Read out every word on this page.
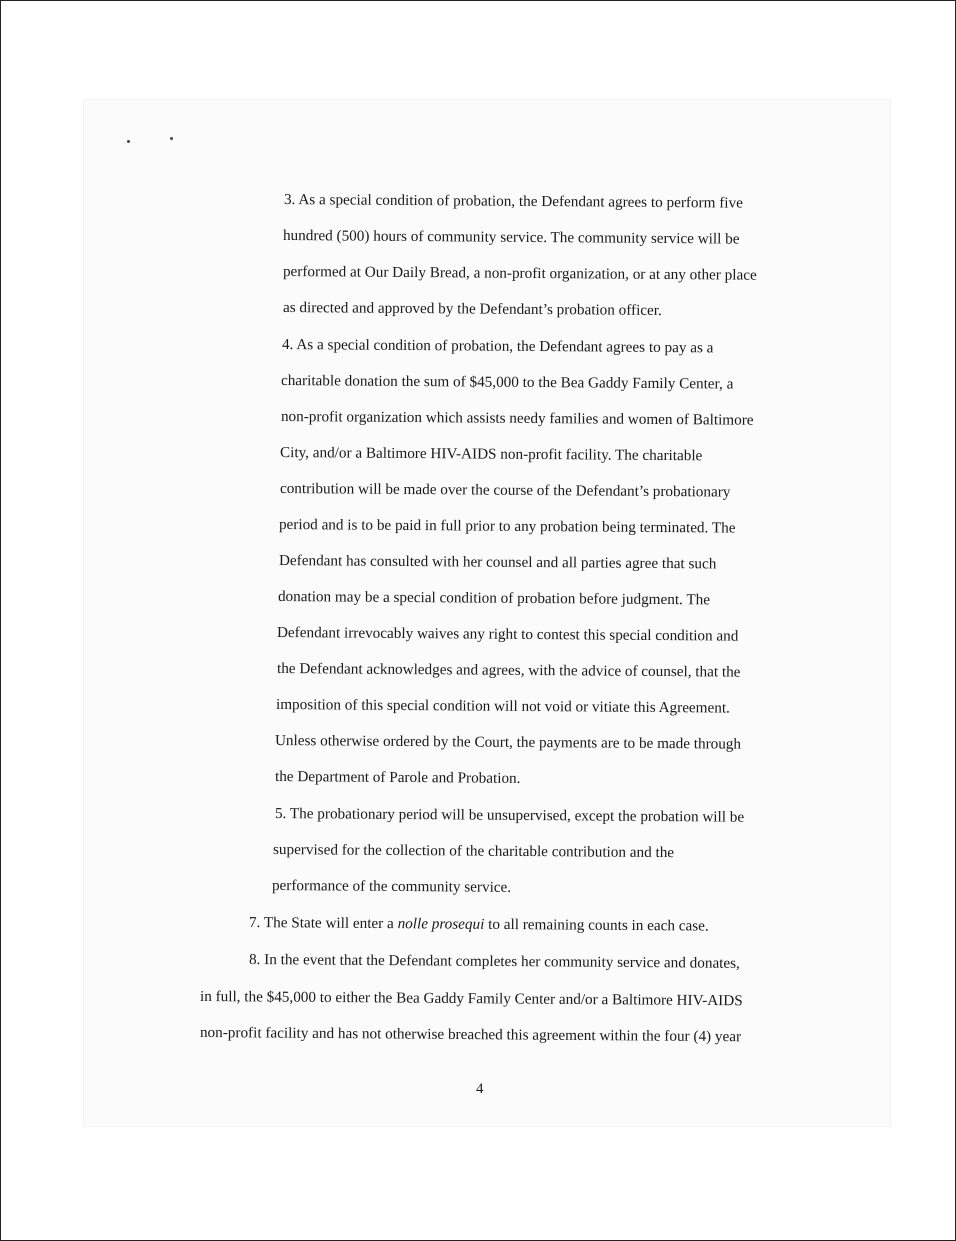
3. As a special condition of probation, the Defendant agrees to perform five
hundred (500) hours of community service. The community service will be
performed at Our Daily Bread, a non-profit organization, or at any other place
as directed and approved by the Defendant’s probation officer.
4. As a special condition of probation, the Defendant agrees to pay as a
charitable donation the sum of $45,000 to the Bea Gaddy Family Center, a
non-profit organization which assists needy families and women of Baltimore
City, and/or a Baltimore HIV-AIDS non-profit facility. The charitable
contribution will be made over the course of the Defendant’s probationary
period and is to be paid in full prior to any probation being terminated. The
Defendant has consulted with her counsel and all parties agree that such
donation may be a special condition of probation before judgment. The
Defendant irrevocably waives any right to contest this special condition and
the Defendant acknowledges and agrees, with the advice of counsel, that the
imposition of this special condition will not void or vitiate this Agreement.
Unless otherwise ordered by the Court, the payments are to be made through
the Department of Parole and Probation.
5. The probationary period will be unsupervised, except the probation will be
supervised for the collection of the charitable contribution and the
performance of the community service.
7. The State will enter a nolle prosequi to all remaining counts in each case.
8. In the event that the Defendant completes her community service and donates,
in full, the $45,000 to either the Bea Gaddy Family Center and/or a Baltimore HIV-AIDS
non-profit facility and has not otherwise breached this agreement within the four (4) year
4
